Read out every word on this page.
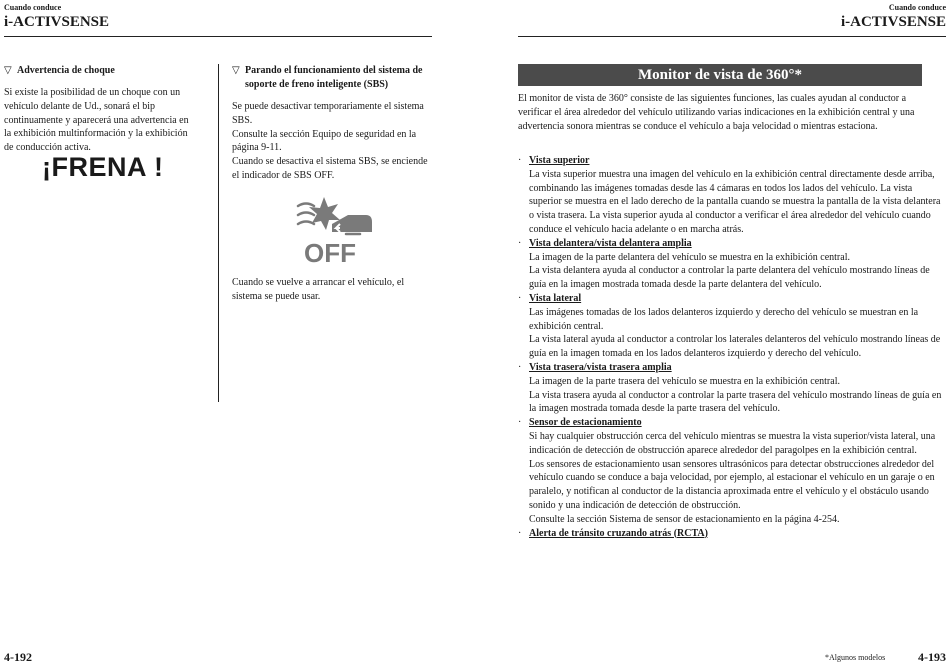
Cuando conduce
i-ACTIVSENSE
▽ Advertencia de choque
Si existe la posibilidad de un choque con un vehículo delante de Ud., sonará el bip continuamente y aparecerá una advertencia en la exhibición multinformación y la exhibición de conducción activa.
¡FRENA !
▽ Parando el funcionamiento del sistema de soporte de freno inteligente (SBS)
Se puede desactivar temporariamente el sistema SBS.
Consulte la sección Equipo de seguridad en la página 9-11.
Cuando se desactiva el sistema SBS, se enciende el indicador de SBS OFF.
OFF
Cuando se vuelve a arrancar el vehículo, el sistema se puede usar.
4-192
Cuando conduce
i-ACTIVSENSE
Monitor de vista de 360°*
El monitor de vista de 360° consiste de las siguientes funciones, las cuales ayudan al conductor a verificar el área alrededor del vehículo utilizando varias indicaciones en la exhibición central y una advertencia sonora mientras se conduce el vehículo a baja velocidad o mientras estaciona.
· Vista superior
La vista superior muestra una imagen del vehículo en la exhibición central directamente desde arriba, combinando las imágenes tomadas desde las 4 cámaras en todos los lados del vehículo. La vista superior se muestra en el lado derecho de la pantalla cuando se muestra la pantalla de la vista delantera o vista trasera. La vista superior ayuda al conductor a verificar el área alrededor del vehículo cuando conduce el vehículo hacia adelante o en marcha atrás.
· Vista delantera/vista delantera amplia
La imagen de la parte delantera del vehículo se muestra en la exhibición central.
La vista delantera ayuda al conductor a controlar la parte delantera del vehículo mostrando líneas de guía en la imagen mostrada tomada desde la parte delantera del vehículo.
· Vista lateral
Las imágenes tomadas de los lados delanteros izquierdo y derecho del vehículo se muestran en la exhibición central.
La vista lateral ayuda al conductor a controlar los laterales delanteros del vehículo mostrando líneas de guía en la imagen tomada en los lados delanteros izquierdo y derecho del vehículo.
· Vista trasera/vista trasera amplia
La imagen de la parte trasera del vehículo se muestra en la exhibición central.
La vista trasera ayuda al conductor a controlar la parte trasera del vehículo mostrando líneas de guía en la imagen mostrada tomada desde la parte trasera del vehículo.
· Sensor de estacionamiento
Si hay cualquier obstrucción cerca del vehículo mientras se muestra la vista superior/vista lateral, una indicación de detección de obstrucción aparece alrededor del paragolpes en la exhibición central.
Los sensores de estacionamiento usan sensores ultrasónicos para detectar obstrucciones alrededor del vehículo cuando se conduce a baja velocidad, por ejemplo, al estacionar el vehículo en un garaje o en paralelo, y notifican al conductor de la distancia aproximada entre el vehículo y el obstáculo usando sonido y una indicación de detección de obstrucción.
Consulte la sección Sistema de sensor de estacionamiento en la página 4-254.
· Alerta de tránsito cruzando atrás (RCTA)
*Algunos modelos	4-193
